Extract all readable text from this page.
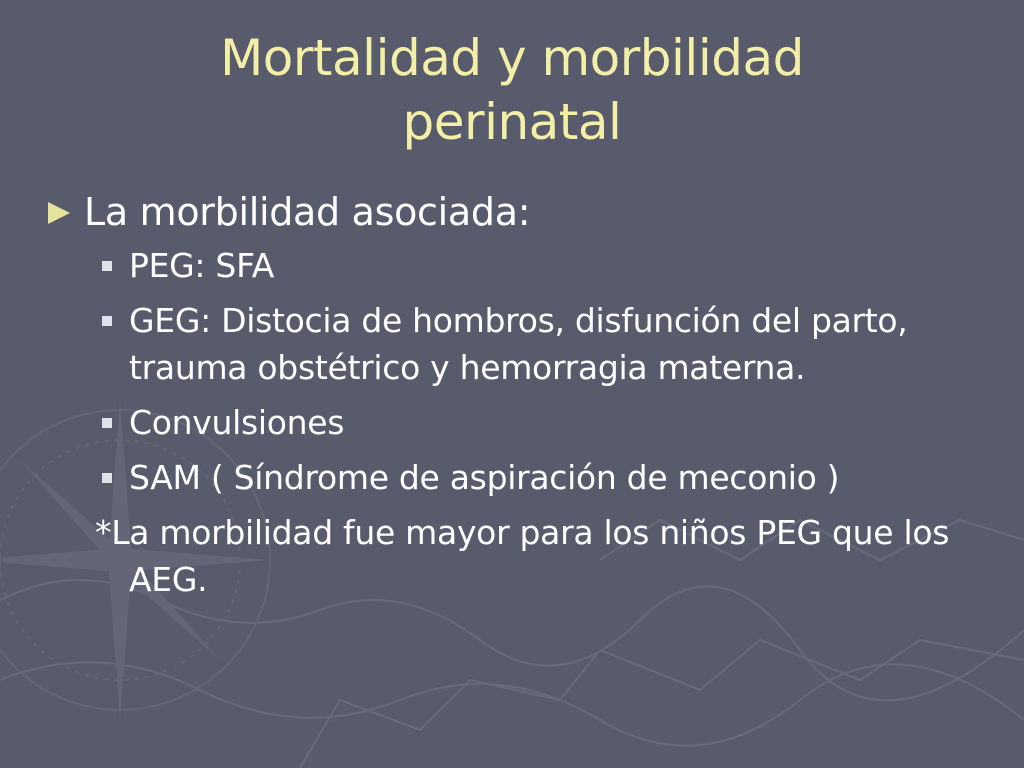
Mortalidad y morbilidad
perinatal
La morbilidad asociada:
PEG: SFA
GEG: Distocia de hombros, disfunción del parto, trauma obstétrico y hemorragia materna.
Convulsiones
SAM ( Síndrome de aspiración de meconio )

*La morbilidad fue mayor para los niños PEG que los AEG.
